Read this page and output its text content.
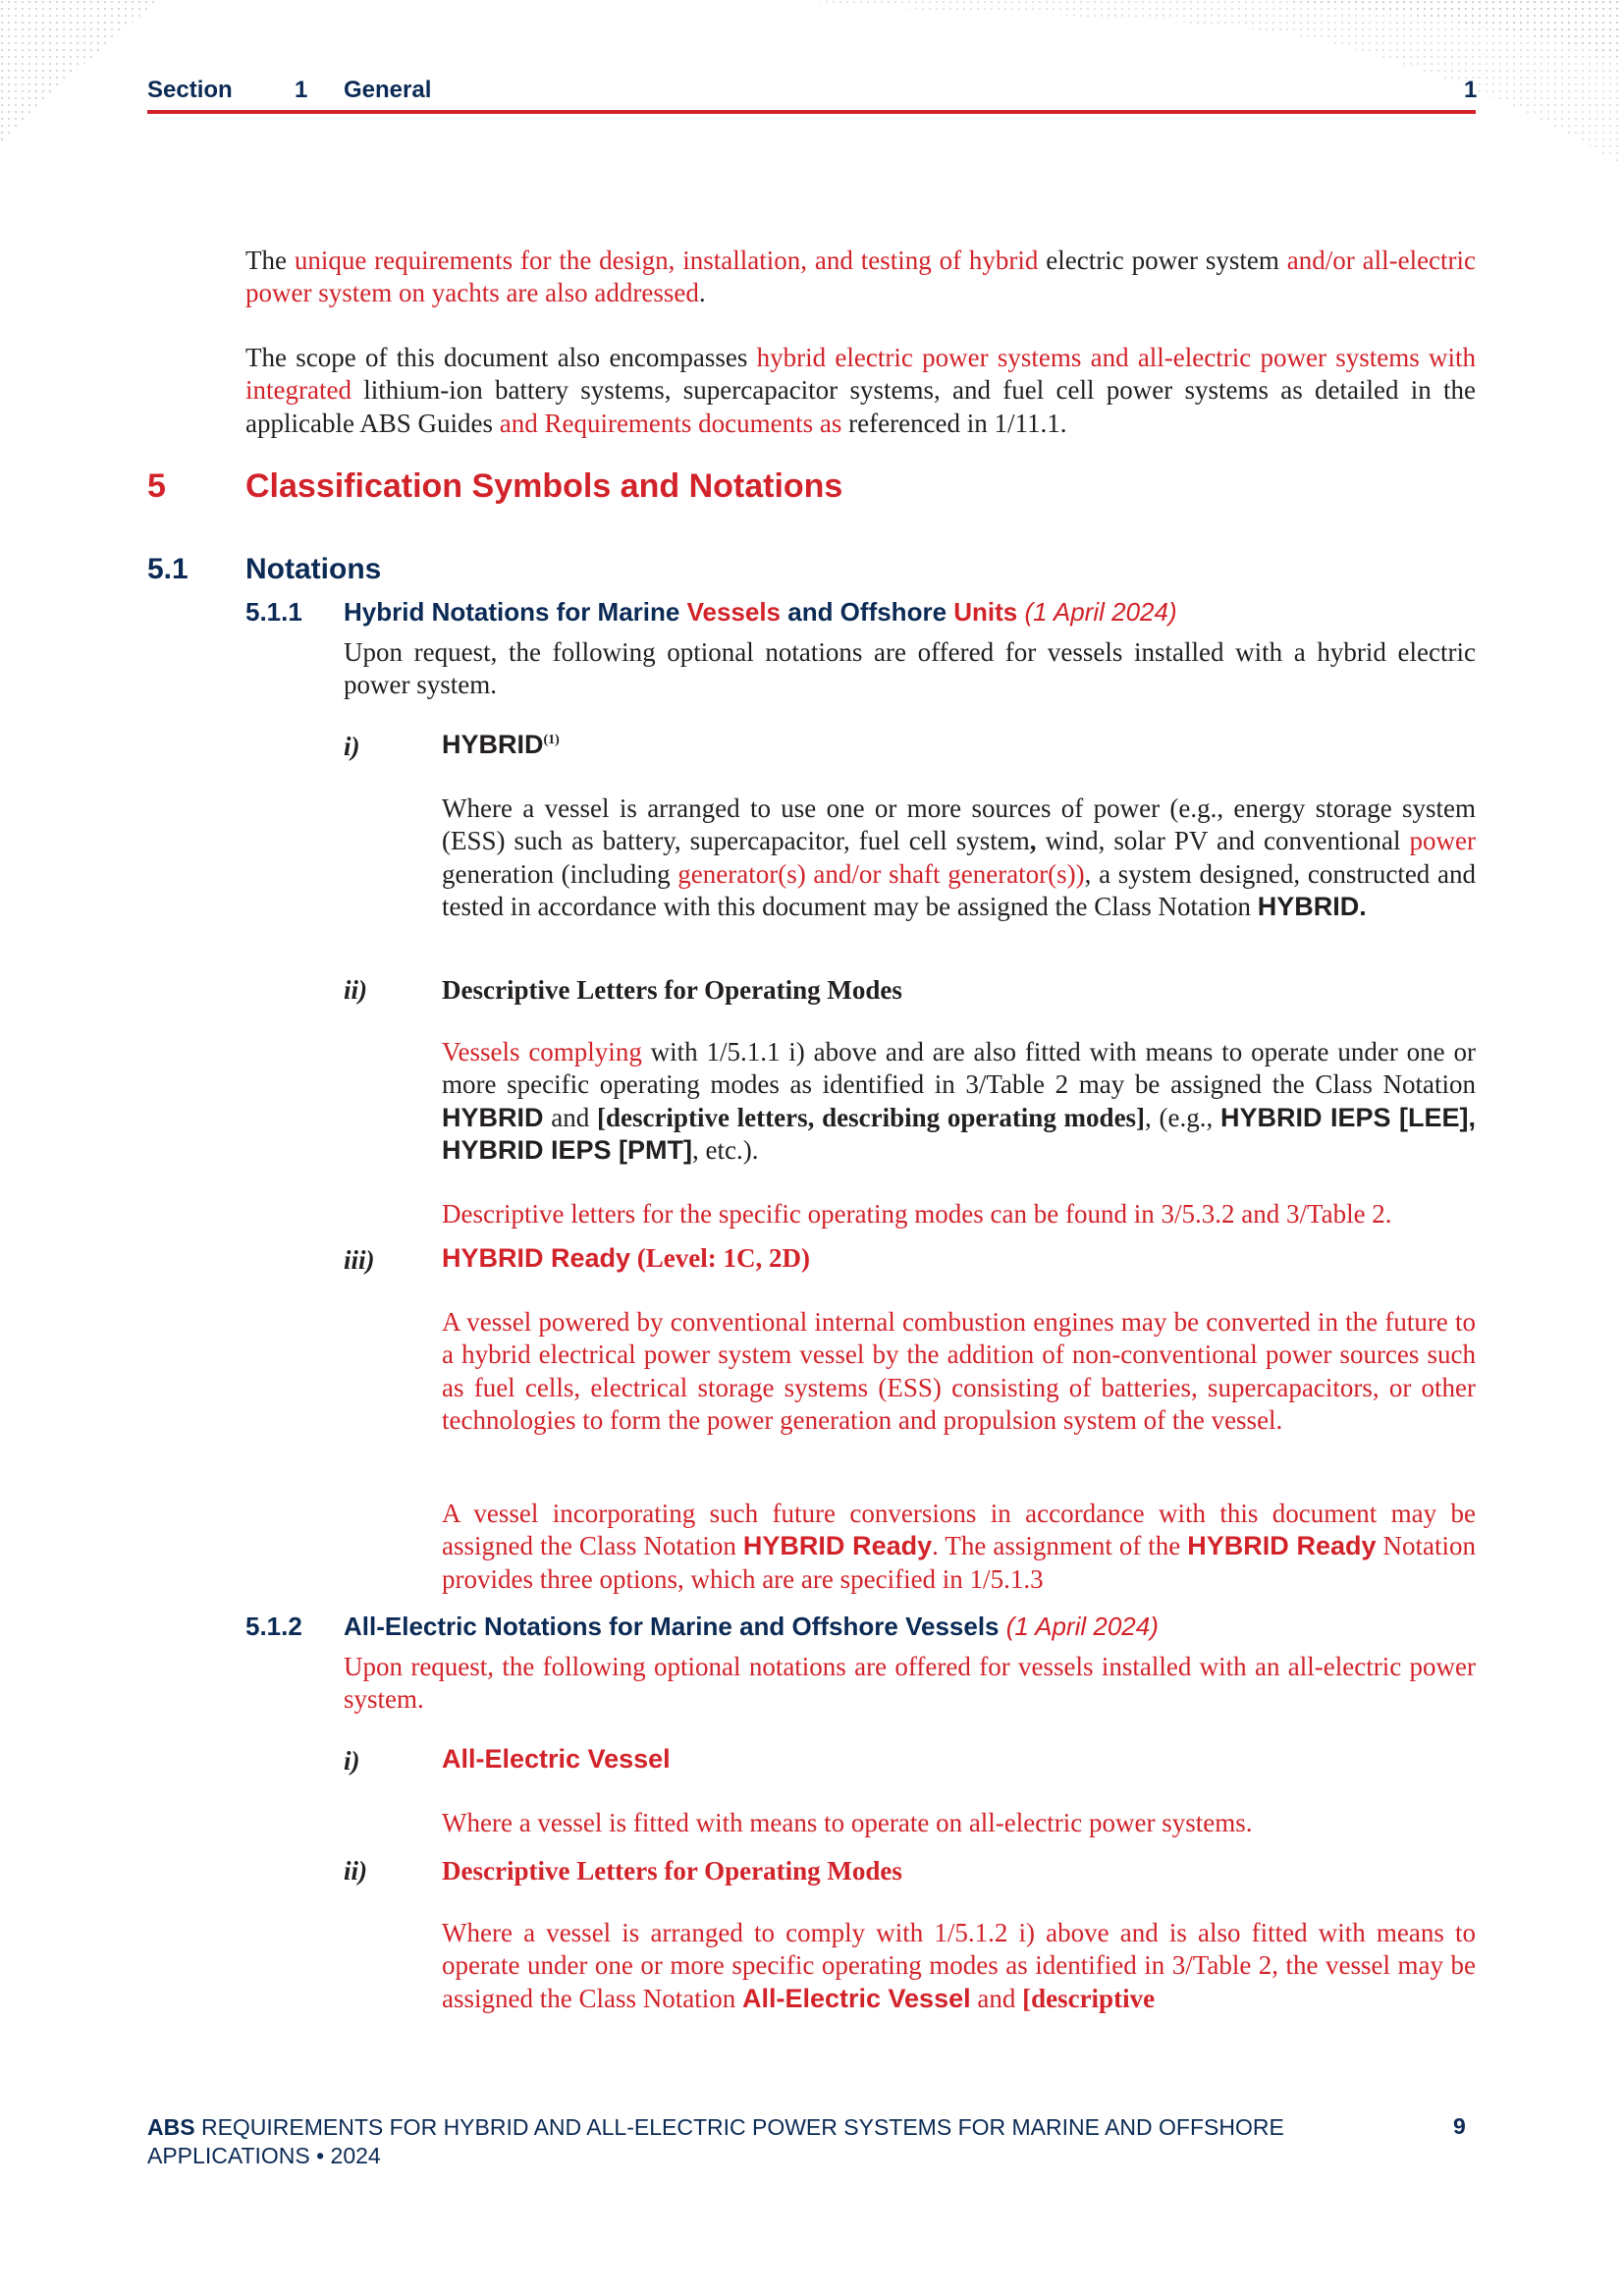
Section	1 General	1

The unique requirements for the design, installation, and testing of hybrid electric power system and/or all-electric power system on yachts are also addressed.

The scope of this document also encompasses hybrid electric power systems and all-electric power systems with integrated lithium-ion battery systems, supercapacitor systems, and fuel cell power systems as detailed in the applicable ABS Guides and Requirements documents as referenced in 1/11.1.

5 Classification Symbols and Notations
5.1 Notations
5.1.1 Hybrid Notations for Marine Vessels and Offshore Units (1 April 2024)

Upon request, the following optional notations are offered for vessels installed with a hybrid electric power system.

i)	HYBRID$^{(1)}$

Where a vessel is arranged to use one or more sources of power (e.g., energy storage system (ESS) such as battery, supercapacitor, fuel cell system, wind, solar PV and conventional power generation (including generator(s) and/or shaft generator(s)), a system designed, constructed and tested in accordance with this document may be assigned the Class Notation HYBRID.

ii)	Descriptive Letters for Operating Modes

Vessels complying with 1/5.1.1 i) above and are also fitted with means to operate under one or more specific operating modes as identified in 3/Table 2 may be assigned the Class Notation HYBRID and [descriptive letters, describing operating modes], (e.g., HYBRID IEPS [LEE], HYBRID IEPS [PMT], etc.).

Descriptive letters for the specific operating modes can be found in 3/5.3.2 and 3/Table 2.

iii)	HYBRID Ready (Level: 1C, 2D)

A vessel powered by conventional internal combustion engines may be converted in the future to a hybrid electrical power system vessel by the addition of non-conventional power sources such as fuel cells, electrical storage systems (ESS) consisting of batteries, supercapacitors, or other technologies to form the power generation and propulsion system of the vessel.

A vessel incorporating such future conversions in accordance with this document may be assigned the Class Notation HYBRID Ready. The assignment of the HYBRID Ready Notation provides three options, which are are specified in 1/5.1.3

5.1.2 All-Electric Notations for Marine and Offshore Vessels (1 April 2024)

Upon request, the following optional notations are offered for vessels installed with an all-electric power system.

i)	All-Electric Vessel

Where a vessel is fitted with means to operate on all-electric power systems.

ii)	Descriptive Letters for Operating Modes

Where a vessel is arranged to comply with 1/5.1.2 i) above and is also fitted with means to operate under one or more specific operating modes as identified in 3/Table 2, the vessel may be assigned the Class Notation All-Electric Vessel and [descriptive

ABS REQUIREMENTS FOR HYBRID AND ALL-ELECTRIC POWER SYSTEMS FOR MARINE AND OFFSHORE APPLICATIONS • 2024
9
